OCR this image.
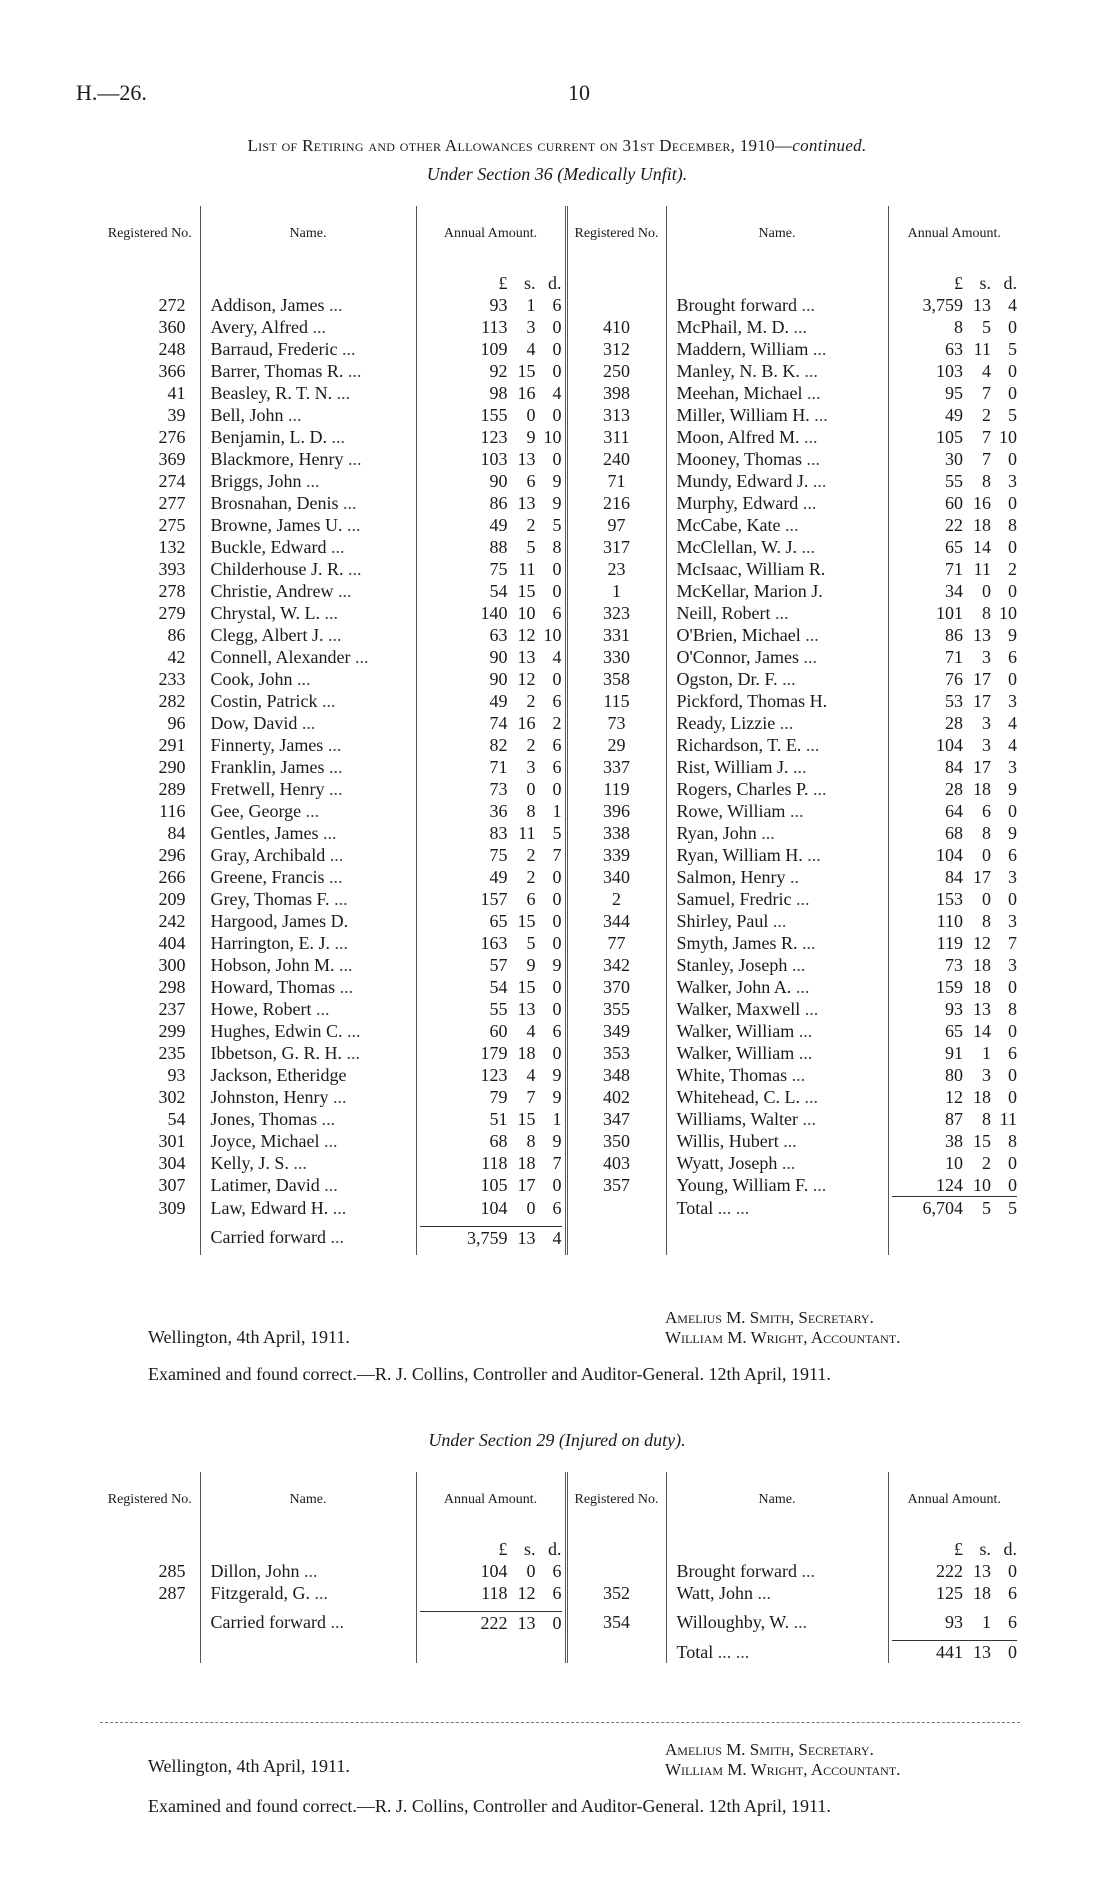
H.—26.	10
List of Retiring and other Allowances current on 31st December, 1910—continued.
Under Section 36 (Medically Unfit).
Registered No.	Name.	Annual Amount.	Registered No.	Name.	Annual Amount.

		£ s. d.			£ s. d.

272	Addison, James ...	93 1 6		Brought forward ...	3,759 13 4

360	Avery, Alfred ...	113 3 0	410	McPhail, M. D. ...	8 5 0

248	Barraud, Frederic ...	109 4 0	312	Maddern, William ...	63 11 5

366	Barrer, Thomas R. ...	92 15 0	250	Manley, N. B. K. ...	103 4 0

41	Beasley, R. T. N. ...	98 16 4	398	Meehan, Michael ...	95 7 0

39	Bell, John ...	155 0 0	313	Miller, William H. ...	49 2 5

276	Benjamin, L. D. ...	123 9 10	311	Moon, Alfred M. ...	105 7 10

369	Blackmore, Henry ...	103 13 0	240	Mooney, Thomas ...	30 7 0

274	Briggs, John ...	90 6 9	71	Mundy, Edward J. ...	55 8 3

277	Brosnahan, Denis ...	86 13 9	216	Murphy, Edward ...	60 16 0

275	Browne, James U. ...	49 2 5	97	McCabe, Kate ...	22 18 8

132	Buckle, Edward ...	88 5 8	317	McClellan, W. J. ...	65 14 0

393	Childerhouse J. R. ...	75 11 0	23	McIsaac, William R.	71 11 2

278	Christie, Andrew ...	54 15 0	1	McKellar, Marion J.	34 0 0

279	Chrystal, W. L. ...	140 10 6	323	Neill, Robert ...	101 8 10

86	Clegg, Albert J. ...	63 12 10	331	O'Brien, Michael ...	86 13 9

42	Connell, Alexander ...	90 13 4	330	O'Connor, James ...	71 3 6

233	Cook, John ...	90 12 0	358	Ogston, Dr. F. ...	76 17 0

282	Costin, Patrick ...	49 2 6	115	Pickford, Thomas H.	53 17 3

96	Dow, David ...	74 16 2	73	Ready, Lizzie ...	28 3 4

291	Finnerty, James ...	82 2 6	29	Richardson, T. E. ...	104 3 4

290	Franklin, James ...	71 3 6	337	Rist, William J. ...	84 17 3

289	Fretwell, Henry ...	73 0 0	119	Rogers, Charles P. ...	28 18 9

116	Gee, George ...	36 8 1	396	Rowe, William ...	64 6 0

84	Gentles, James ...	83 11 5	338	Ryan, John ...	68 8 9

296	Gray, Archibald ...	75 2 7	339	Ryan, William H. ...	104 0 6

266	Greene, Francis ...	49 2 0	340	Salmon, Henry ..	84 17 3

209	Grey, Thomas F. ...	157 6 0	2	Samuel, Fredric ...	153 0 0

242	Hargood, James D.	65 15 0	344	Shirley, Paul ...	110 8 3

404	Harrington, E. J. ...	163 5 0	77	Smyth, James R. ...	119 12 7

300	Hobson, John M. ...	57 9 9	342	Stanley, Joseph ...	73 18 3

298	Howard, Thomas ...	54 15 0	370	Walker, John A. ...	159 18 0

237	Howe, Robert ...	55 13 0	355	Walker, Maxwell ...	93 13 8

299	Hughes, Edwin C. ...	60 4 6	349	Walker, William ...	65 14 0

235	Ibbetson, G. R. H. ...	179 18 0	353	Walker, William ...	91 1 6

93	Jackson, Etheridge	123 4 9	348	White, Thomas ...	80 3 0

302	Johnston, Henry ...	79 7 9	402	Whitehead, C. L. ...	12 18 0

54	Jones, Thomas ...	51 15 1	347	Williams, Walter ...	87 8 11

301	Joyce, Michael ...	68 8 9	350	Willis, Hubert ...	38 15 8

304	Kelly, J. S. ...	118 18 7	403	Wyatt, Joseph ...	10 2 0

307	Latimer, David ...	105 17 0	357	Young, William F. ...	124 10 0

309	Law, Edward H. ...	104 0 6		Total ... ...	6,704 5 5

	Carried forward ...	3,759 13 4			

Amelius M. Smith, Secretary.
William M. Wright, Accountant.
Wellington, 4th April, 1911.
Examined and found correct.—R. J. Collins, Controller and Auditor-General. 12th April, 1911.
Under Section 29 (Injured on duty).
Registered No.	Name.	Annual Amount.	Registered No.	Name.	Annual Amount.

		£ s. d.			£ s. d.

285	Dillon, John ...	104 0 6		Brought forward ...	222 13 0

287	Fitzgerald, G. ...	118 12 6	352	Watt, John ...	125 18 6

	Carried forward ...	222 13 0	354	Willoughby, W. ...	93 1 6

				Total ... ...	441 13 0
Amelius M. Smith, Secretary.
William M. Wright, Accountant.
Wellington, 4th April, 1911.
Examined and found correct.—R. J. Collins, Controller and Auditor-General. 12th April, 1911.
